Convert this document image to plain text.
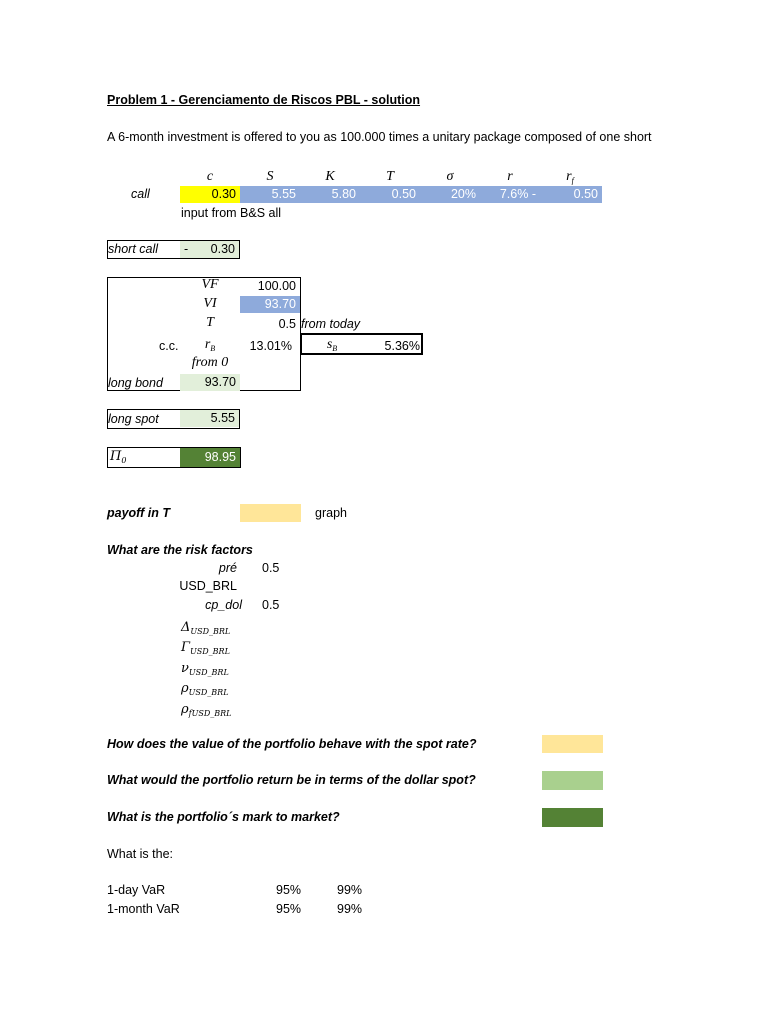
Problem 1 - Gerenciamento de Riscos PBL - solution
A 6-month investment is offered to you as 100.000 times a unitary package composed of one short
c	S	K	T	σ	r	$r_f$
call	0.30	5.55	5.80	0.50	20%	7.6% -	0.50
input from B&S all
short call	- 0.30
VF	100.00
VI	93.70
T	0.5 from today
c.c.	$r_B$	13.01%	$s_B$	5.36%
from 0
long bond	93.70
long spot	5.55
$\Pi_0$	98.95
payoff in T	graph
What are the risk factors
pré 0.5
USD_BRL
cp_dol 0.5
$\Delta_{USD\_BRL}$
$\Gamma_{USD\_BRL}$
$\nu_{USD\_BRL}$
$\rho_{USD\_BRL}$
$\rho_{fUSD\_BRL}$
How does the value of the portfolio behave with the spot rate?
What would the portfolio return be in terms of the dollar spot?
What is the portfolio´s mark to market?
What is the:
1-day VaR	95%	99%
1-month VaR	95%	99%
